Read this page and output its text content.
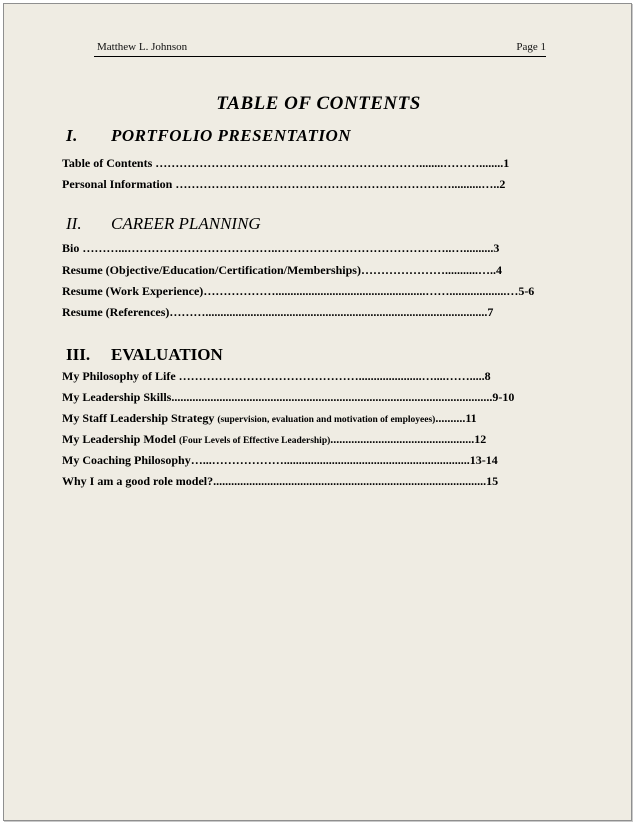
Matthew L. Johnson	Page 1
TABLE OF CONTENTS
I. PORTFOLIO PRESENTATION
Table of Contents …………………………………………………………........………........1
Personal Information ……………………………………………………………..........…..2
II. CAREER PLANNING
Bio ………...………………………………..……………………………………..…..........3
Resume (Objective/Education/Certification/Memberships)…………………...........…..4
Resume (Work Experience)………………..................................................……...................…5-6
Resume (References)………..............................................................................................7
III. EVALUATION
My Philosophy of Life ……………………………………….....................…....…….....8
My Leadership Skills...........................................................................................................9-10
My Staff Leadership Strategy (supervision, evaluation and motivation of employees)..........11
My Leadership Model (Four Levels of Effective Leadership)................................................12
My Coaching Philosophy…...………………..............................................................13-14
Why I am a good role model?...........................................................................................15
